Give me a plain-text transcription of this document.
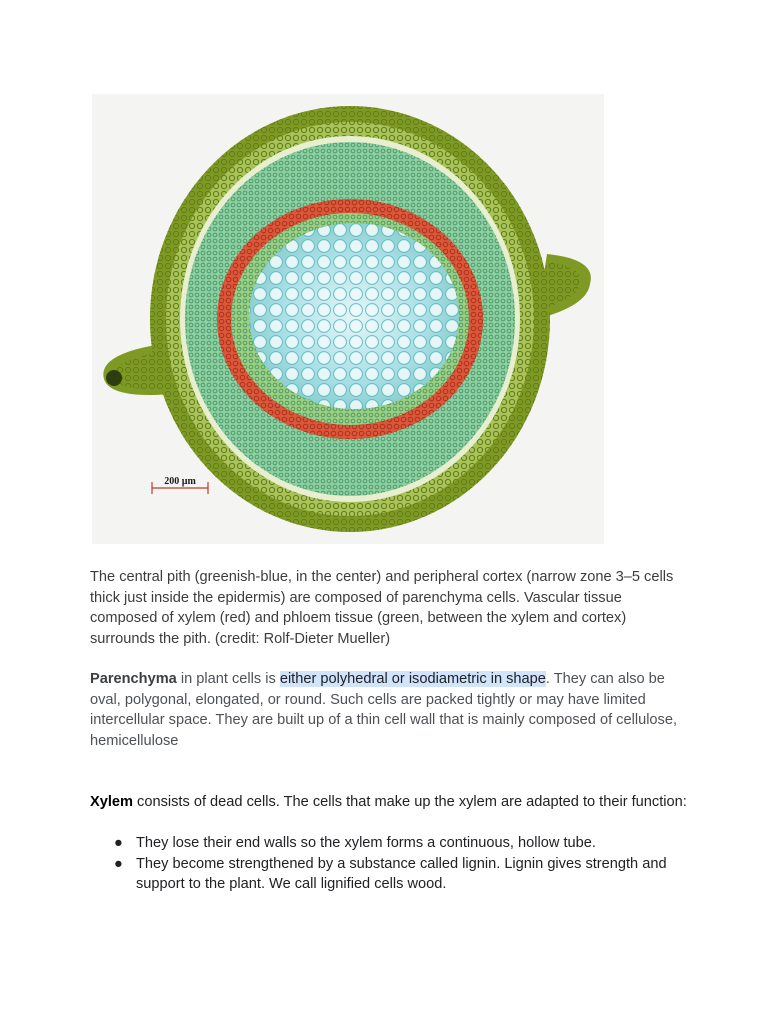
200 µm

The central pith (greenish-blue, in the center) and peripheral cortex (narrow zone 3–5 cells thick just inside the epidermis) are composed of parenchyma cells. Vascular tissue composed of xylem (red) and phloem tissue (green, between the xylem and cortex) surrounds the pith. (credit: Rolf-Dieter Mueller)

Parenchyma in plant cells is either polyhedral or isodiametric in shape. They can also be oval, polygonal, elongated, or round. Such cells are packed tightly or may have limited intercellular space. They are built up of a thin cell wall that is mainly composed of cellulose, hemicellulose

Xylem consists of dead cells. The cells that make up the xylem are adapted to their function:

● They lose their end walls so the xylem forms a continuous, hollow tube.
● They become strengthened by a substance called lignin. Lignin gives strength and support to the plant. We call lignified cells wood.
